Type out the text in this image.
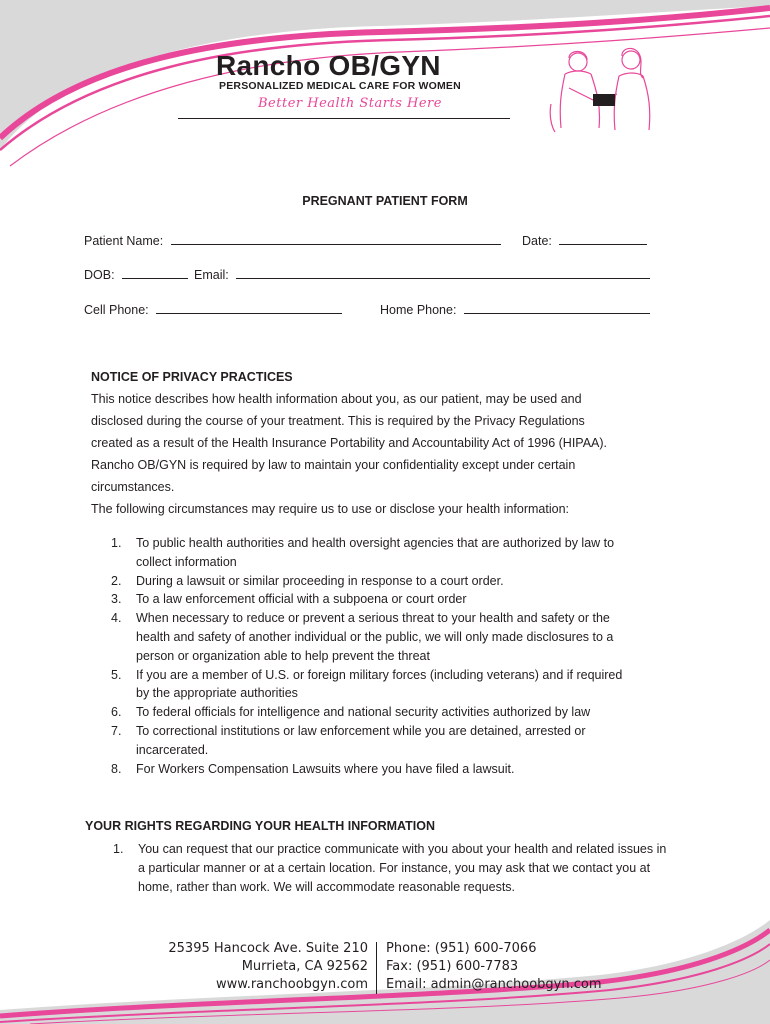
Rancho OB/GYN
PERSONALIZED MEDICAL CARE FOR WOMEN
Better Health Starts Here
PREGNANT PATIENT FORM
Patient Name:	Date:
DOB:	Email:
Cell Phone:	Home Phone:
NOTICE OF PRIVACY PRACTICES
This notice describes how health information about you, as our patient, may be used and
disclosed during the course of your treatment. This is required by the Privacy Regulations
created as a result of the Health Insurance Portability and Accountability Act of 1996 (HIPAA).
Rancho OB/GYN is required by law to maintain your confidentiality except under certain
circumstances.
The following circumstances may require us to use or disclose your health information:
1. To public health authorities and health oversight agencies that are authorized by law to
collect information
2. During a lawsuit or similar proceeding in response to a court order.
3. To a law enforcement official with a subpoena or court order
4. When necessary to reduce or prevent a serious threat to your health and safety or the
health and safety of another individual or the public, we will only made disclosures to a
person or organization able to help prevent the threat
5. If you are a member of U.S. or foreign military forces (including veterans) and if required
by the appropriate authorities
6. To federal officials for intelligence and national security activities authorized by law
7. To correctional institutions or law enforcement while you are detained, arrested or
incarcerated.
8. For Workers Compensation Lawsuits where you have filed a lawsuit.
YOUR RIGHTS REGARDING YOUR HEALTH INFORMATION
1. You can request that our practice communicate with you about your health and related issues in
a particular manner or at a certain location. For instance, you may ask that we contact you at
home, rather than work. We will accommodate reasonable requests.
25395 Hancock Ave. Suite 210
Murrieta, CA 92562
www.ranchoobgyn.com
Phone: (951) 600-7066
Fax: (951) 600-7783
Email: admin@ranchoobgyn.com
